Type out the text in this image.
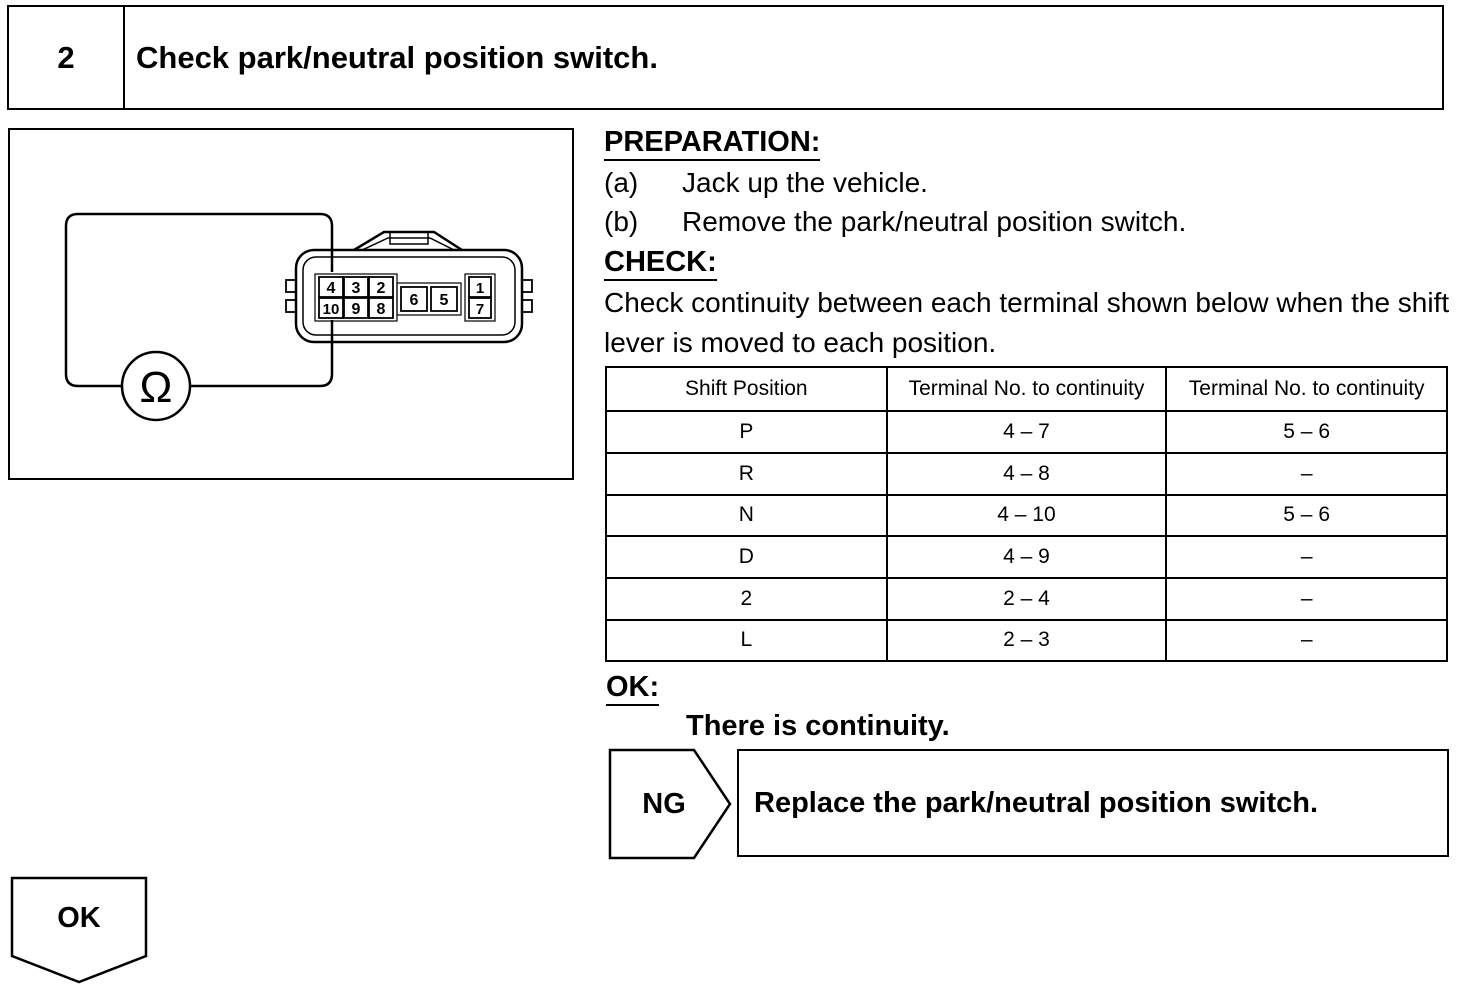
2	Check park/neutral position switch.
4 3 2
6 5
1
10 9 8	7
Ω
PREPARATION:
(a) Jack up the vehicle.
(b) Remove the park/neutral position switch.
CHECK:
Check continuity between each terminal shown below when the shift lever is moved to each position.
Shift Position	Terminal No. to continuity	Terminal No. to continuity
P	4 – 7	5 – 6
R	4 – 8	–
N	4 – 10	5 – 6
D	4 – 9	–
2	2 – 4	–
L	2 – 3	–
OK:
There is continuity.
NG	Replace the park/neutral position switch.
OK
